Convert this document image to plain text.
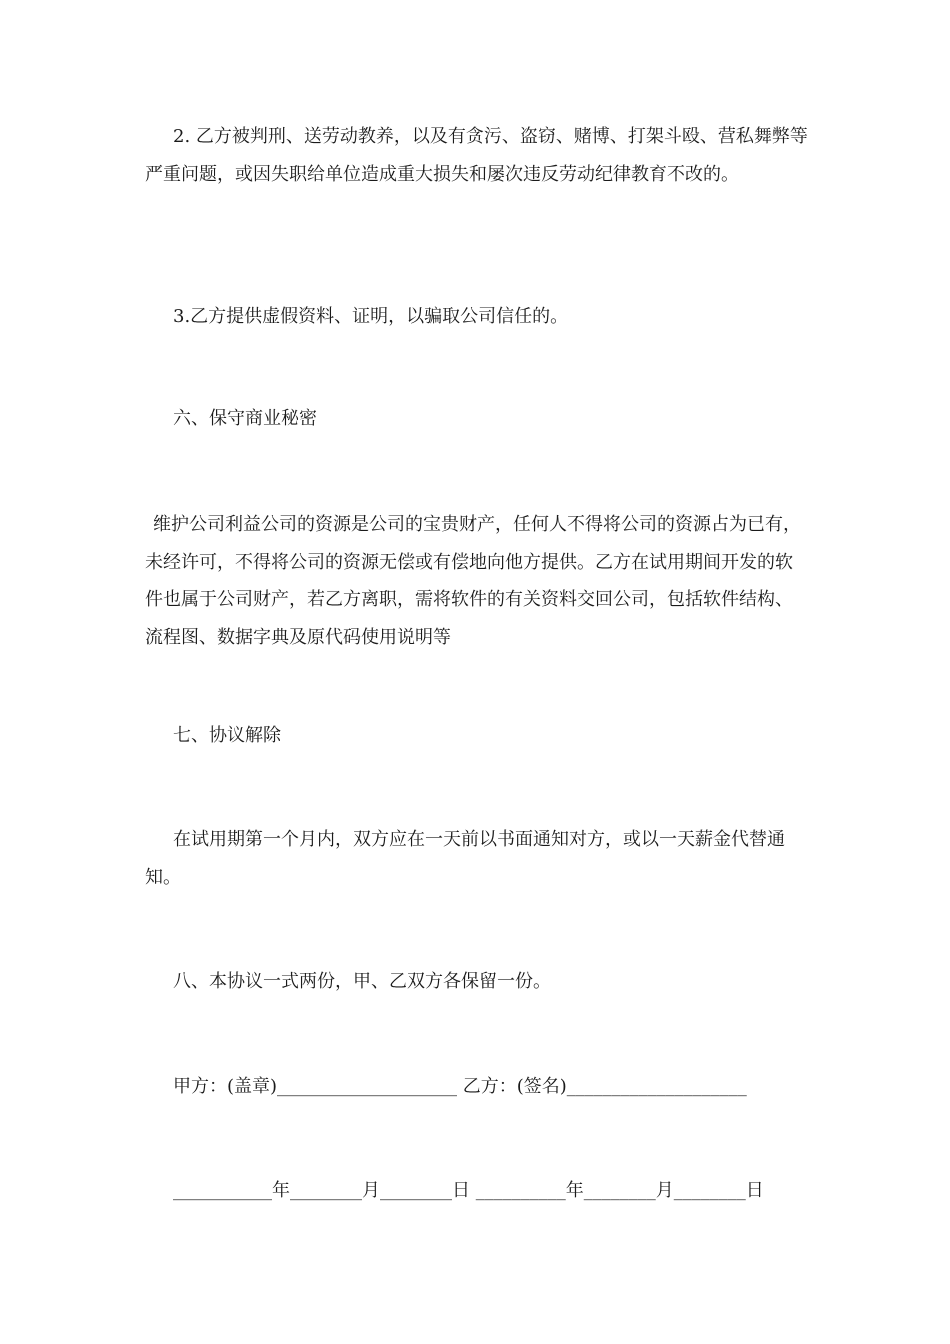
2. 乙方被判刑、送劳动教养，以及有贪污、盗窃、赌博、打架斗殴、营私舞弊等严重问题，或因失职给单位造成重大损失和屡次违反劳动纪律教育不改的。

3.乙方提供虚假资料、证明，以骗取公司信任的。

六、保守商业秘密

维护公司利益公司的资源是公司的宝贵财产，任何人不得将公司的资源占为已有，未经许可，不得将公司的资源无偿或有偿地向他方提供。乙方在试用期间开发的软件也属于公司财产，若乙方离职，需将软件的有关资料交回公司，包括软件结构、流程图、数据字典及原代码使用说明等

七、协议解除

在试用期第一个月内，双方应在一天前以书面通知对方，或以一天薪金代替通知。

八、本协议一式两份，甲、乙双方各保留一份。

甲方：(盖章)____________________ 乙方：(签名)____________________

___________年________月________日 __________年________月________日
